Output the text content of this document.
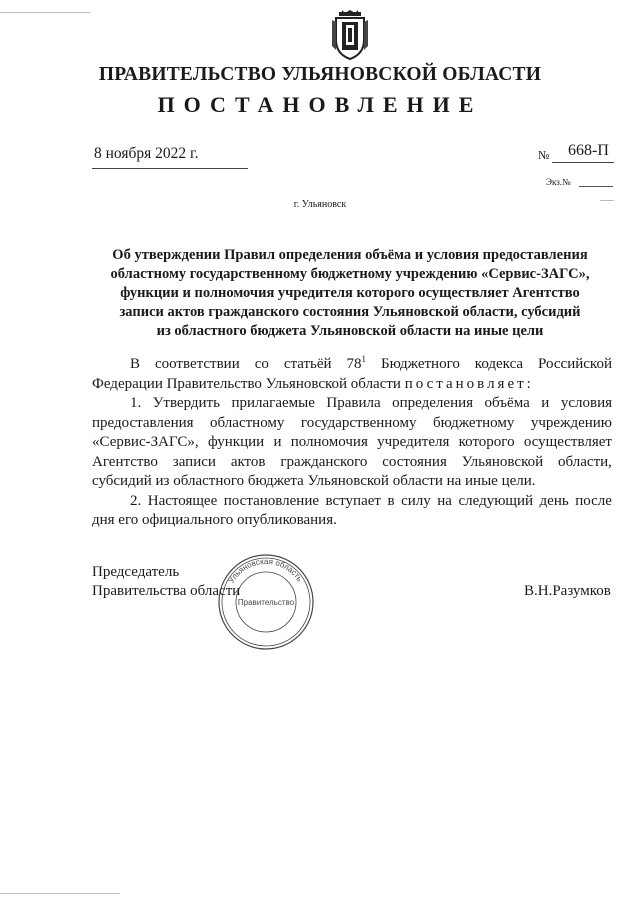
ПРАВИТЕЛЬСТВО УЛЬЯНОВСКОЙ ОБЛАСТИ
ПОСТАНОВЛЕНИЕ
8 ноября 2022 г.	№ 668-П
Экз.№
г. Ульяновск
Об утверждении Правил определения объёма и условия предоставления
областному государственному бюджетному учреждению «Сервис-ЗАГС»,
функции и полномочия учредителя которого осуществляет Агентство
записи актов гражданского состояния Ульяновской области, субсидий
из областного бюджета Ульяновской области на иные цели
В соответствии со статьёй $78^1$ Бюджетного кодекса Российской
Федерации Правительство Ульяновской области постановляет:
1. Утвердить прилагаемые Правила определения объёма и условия
предоставления областному государственному бюджетному учреждению
«Сервис-ЗАГС», функции и полномочия учредителя которого осуществляет
Агентство записи актов гражданского состояния Ульяновской области,
субсидий из областного бюджета Ульяновской области на иные цели.
2. Настоящее постановление вступает в силу на следующий день после
дня его официального опубликования.
Председатель
Правительства области	В.Н.Разумков
Ульяновская область
Правительство
